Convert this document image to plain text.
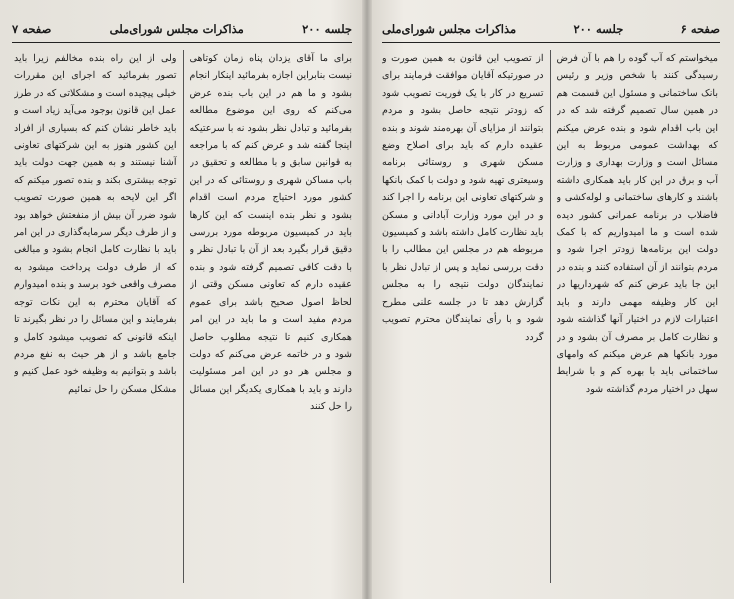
صفحه ۶
جلسه ۲۰۰
مذاکرات مجلس شورای‌ملی
میخواستم که آب گوده را هم با آن فرض رسیدگی کنند با شخص وزیر و رئیس بانک ساختمانی و مسئول این قسمت هم در همین سال تصمیم گرفته شد که در این باب اقدام شود و بنده عرض میکنم که بهداشت عمومی مربوط به این مسائل است و وزارت بهداری و وزارت آب و برق در این کار باید همکاری داشته باشند و کارهای ساختمانی و لوله‌کشی و فاضلاب در برنامه عمرانی کشور دیده شده است و ما امیدواریم که با کمک دولت این برنامه‌ها زودتر اجرا شود و مردم بتوانند از آن استفاده کنند و بنده در این جا باید عرض کنم که شهرداریها در این کار وظیفه مهمی دارند و باید اعتبارات لازم در اختیار آنها گذاشته شود و نظارت کامل بر مصرف آن بشود و در مورد بانکها هم عرض میکنم که وامهای ساختمانی باید با بهره کم و با شرایط سهل در اختیار مردم گذاشته شود
از تصویب این قانون به همین صورت و در صورتیکه آقایان موافقت فرمایند برای تسریع در کار با یک فوریت تصویب شود که زودتر نتیجه حاصل بشود و مردم بتوانند از مزایای آن بهره‌مند شوند و بنده عقیده دارم که باید برای اصلاح وضع مسکن شهری و روستائی برنامه وسیعتری تهیه شود و دولت با کمک بانکها و شرکتهای تعاونی این برنامه را اجرا کند و در این مورد وزارت آبادانی و مسکن باید نظارت کامل داشته باشد و کمیسیون مربوطه هم در مجلس این مطالب را با دقت بررسی نماید و پس از تبادل نظر با نمایندگان دولت نتیجه را به مجلس گزارش دهد تا در جلسه علنی مطرح شود و با رأی نمایندگان محترم تصویب گردد
جلسه ۲۰۰
مذاکرات مجلس شورای‌ملی
صفحه ۷
برای ما آقای یزدان پناه زمان کوتاهی نیست بنابراین اجازه بفرمائید اینکار انجام بشود و ما هم در این باب بنده عرض می‌کنم که روی این موضوع مطالعه بفرمائید و تبادل نظر بشود نه با سرعتیکه اینجا گفته شد و عرض کنم که با مراجعه به قوانین سابق و با مطالعه و تحقیق در باب مساکن شهری و روستائی که در این کشور مورد احتیاج مردم است اقدام بشود و نظر بنده اینست که این کارها باید در کمیسیون مربوطه مورد بررسی دقیق قرار بگیرد بعد از آن با تبادل نظر و با دقت کافی تصمیم گرفته شود و بنده عقیده دارم که تعاونی مسکن وقتی از لحاظ اصول صحیح باشد برای عموم مردم مفید است و ما باید در این امر همکاری کنیم تا نتیجه مطلوب حاصل شود و در خاتمه عرض می‌کنم که دولت و مجلس هر دو در این امر مسئولیت دارند و باید با همکاری یکدیگر این مسائل را حل کنند
ولی از این راه بنده مخالفم زیرا باید تصور بفرمائید که اجرای این مقررات خیلی پیچیده است و مشکلاتی که در طرز عمل این قانون بوجود می‌آید زیاد است و باید خاطر نشان کنم که بسیاری از افراد این کشور هنوز به این شرکتهای تعاونی آشنا نیستند و به همین جهت دولت باید توجه بیشتری بکند و بنده تصور میکنم که اگر این لایحه به همین صورت تصویب شود ضرر آن بیش از منفعتش خواهد بود و از طرف دیگر سرمایه‌گذاری در این امر باید با نظارت کامل انجام بشود و مبالغی که از طرف دولت پرداخت میشود به مصرف واقعی خود برسد و بنده امیدوارم که آقایان محترم به این نکات توجه بفرمایند و این مسائل را در نظر بگیرند تا اینکه قانونی که تصویب میشود کامل و جامع باشد و از هر حیث به نفع مردم باشد و بتوانیم به وظیفه خود عمل کنیم و مشکل مسکن را حل نمائیم
